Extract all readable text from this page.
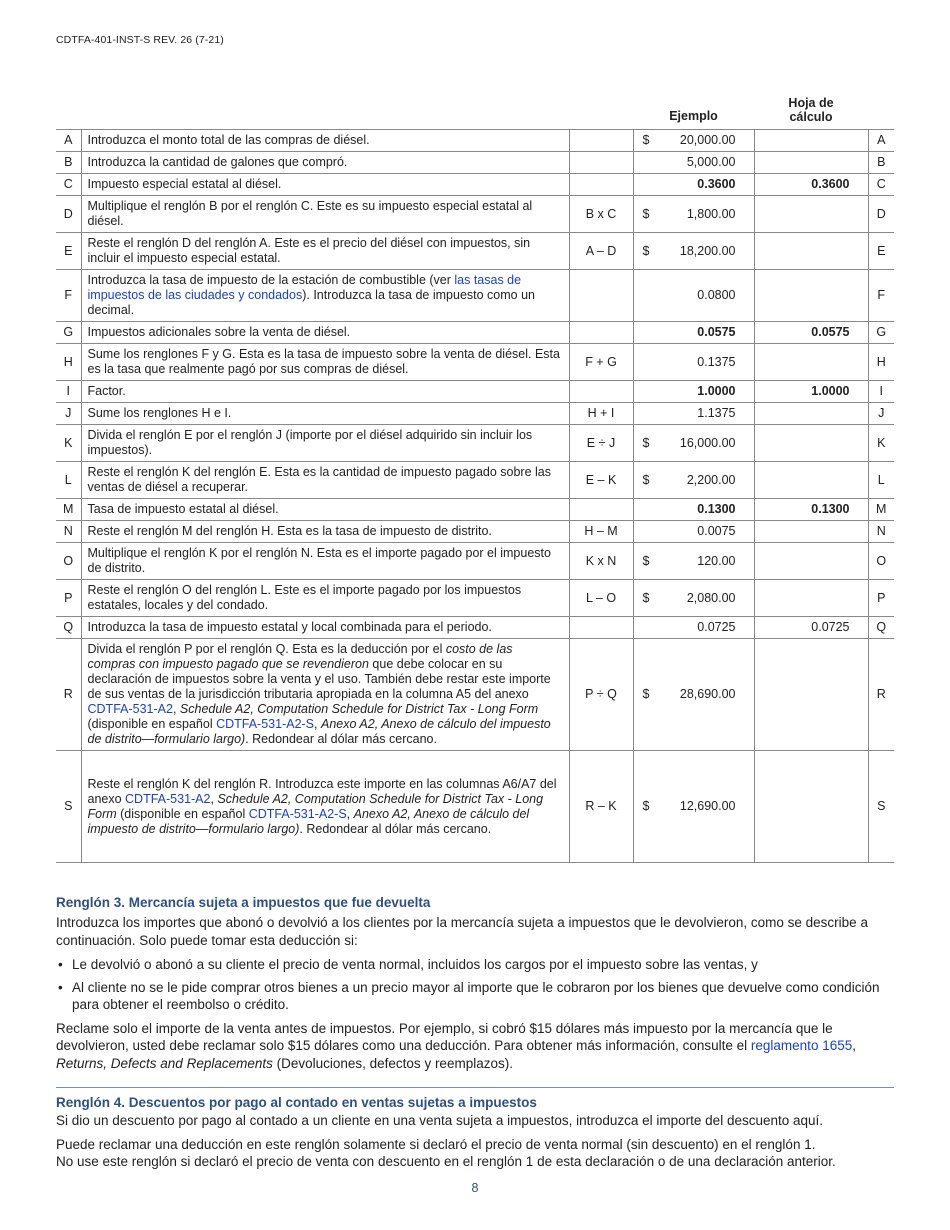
CDTFA-401-INST-S REV. 26 (7-21)
			Ejemplo	Hoja de cálculo	
A	Introduzca el monto total de las compras de diésel.		$ 20,000.00		A
B	Introduzca la cantidad de galones que compró.		5,000.00		B
C	Impuesto especial estatal al diésel.		0.3600	0.3600	C
D	Multiplique el renglón B por el renglón C. Este es su impuesto especial estatal al diésel.	B x C	$ 1,800.00		D
E	Reste el renglón D del renglón A. Este es el precio del diésel con impuestos, sin incluir el impuesto especial estatal.	A – D	$ 18,200.00		E
F	Introduzca la tasa de impuesto de la estación de combustible (ver las tasas de impuestos de las ciudades y condados). Introduzca la tasa de impuesto como un decimal.		0.0800		F
G	Impuestos adicionales sobre la venta de diésel.		0.0575	0.0575	G
H	Sume los renglones F y G. Esta es la tasa de impuesto sobre la venta de diésel. Esta es la tasa que realmente pagó por sus compras de diésel.	F + G	0.1375		H
I	Factor.		1.0000	1.0000	I
J	Sume los renglones H e I.	H + I	1.1375		J
K	Divida el renglón E por el renglón J (importe por el diésel adquirido sin incluir los impuestos).	E ÷ J	$ 16,000.00		K
L	Reste el renglón K del renglón E. Esta es la cantidad de impuesto pagado sobre las ventas de diésel a recuperar.	E – K	$ 2,200.00		L
M	Tasa de impuesto estatal al diésel.		0.1300	0.1300	M
N	Reste el renglón M del renglón H. Esta es la tasa de impuesto de distrito.	H – M	0.0075		N
O	Multiplique el renglón K por el renglón N. Esta es el importe pagado por el impuesto de distrito.	K x N	$ 120.00		O
P	Reste el renglón O del renglón L. Este es el importe pagado por los impuestos estatales, locales y del condado.	L – O	$ 2,080.00		P
Q	Introduzca la tasa de impuesto estatal y local combinada para el periodo.		0.0725	0.0725	Q
R	Divida el renglón P por el renglón Q. Esta es la deducción por el costo de las compras con impuesto pagado que se revendieron que debe colocar en su declaración de impuestos sobre la venta y el uso. También debe restar este importe de sus ventas de la jurisdicción tributaria apropiada en la columna A5 del anexo CDTFA-531-A2, Schedule A2, Computation Schedule for District Tax - Long Form (disponible en español CDTFA-531-A2-S, Anexo A2, Anexo de cálculo del impuesto de distrito—formulario largo). Redondear al dólar más cercano.	P ÷ Q	$ 28,690.00		R
S	Reste el renglón K del renglón R. Introduzca este importe en las columnas A6/A7 del anexo CDTFA-531-A2, Schedule A2, Computation Schedule for District Tax - Long Form (disponible en español CDTFA-531-A2-S, Anexo A2, Anexo de cálculo del impuesto de distrito—formulario largo). Redondear al dólar más cercano.	R – K	$ 12,690.00		S
Renglón 3. Mercancía sujeta a impuestos que fue devuelta

Introduzca los importes que abonó o devolvió a los clientes por la mercancía sujeta a impuestos que le devolvieron, como se describe a continuación. Solo puede tomar esta deducción si:

• Le devolvió o abonó a su cliente el precio de venta normal, incluidos los cargos por el impuesto sobre las ventas, y
• Al cliente no se le pide comprar otros bienes a un precio mayor al importe que le cobraron por los bienes que devuelve como condición para obtener el reembolso o crédito.

Reclame solo el importe de la venta antes de impuestos. Por ejemplo, si cobró $15 dólares más impuesto por la mercancía que le devolvieron, usted debe reclamar solo $15 dólares como una deducción. Para obtener más información, consulte el reglamento 1655, Returns, Defects and Replacements (Devoluciones, defectos y reemplazos).

Renglón 4. Descuentos por pago al contado en ventas sujetas a impuestos

Si dio un descuento por pago al contado a un cliente en una venta sujeta a impuestos, introduzca el importe del descuento aquí.

Puede reclamar una deducción en este renglón solamente si declaró el precio de venta normal (sin descuento) en el renglón 1.

No use este renglón si declaró el precio de venta con descuento en el renglón 1 de esta declaración o de una declaración anterior.

8
